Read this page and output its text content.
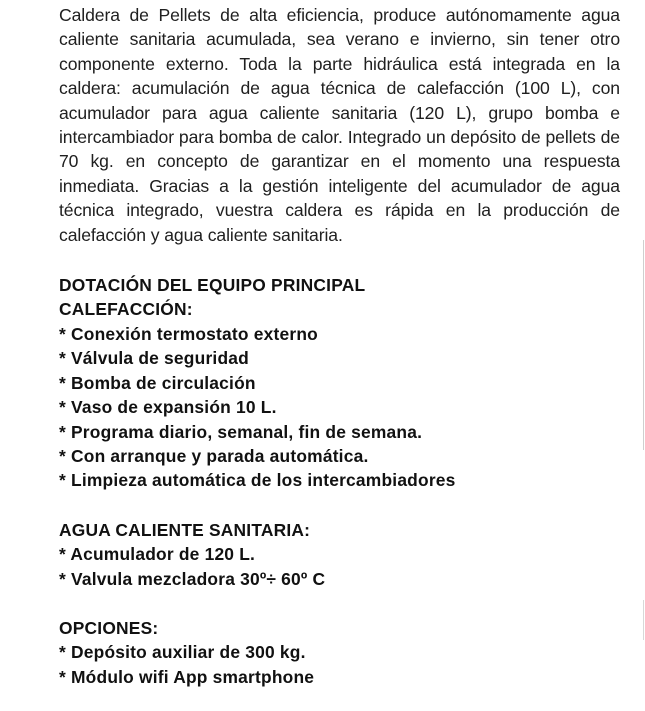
Caldera de Pellets de alta eficiencia, produce autónomamente agua caliente sanitaria acumulada, sea verano e invierno, sin tener otro componente externo. Toda la parte hidráulica está integrada en la caldera: acumulación de agua técnica de calefacción (100 L), con acumulador para agua caliente sanitaria (120 L), grupo bomba e intercambiador para bomba de calor. Integrado un depósito de pellets de 70 kg. en concepto de garantizar en el momento una respuesta inmediata. Gracias a la gestión inteligente del acumulador de agua técnica integrado, vuestra caldera es rápida en la producción de calefacción y agua caliente sanitaria.

DOTACIÓN DEL EQUIPO PRINCIPAL
CALEFACCIÓN:
* Conexión termostato externo
* Válvula de seguridad
* Bomba de circulación
* Vaso de expansión 10 L.
* Programa diario, semanal, fin de semana.
* Con arranque y parada automática.
* Limpieza automática de los intercambiadores
AGUA CALIENTE SANITARIA:
* Acumulador de 120 L.
* Valvula mezcladora 30º÷ 60º C
OPCIONES:
* Depósito auxiliar de 300 kg.
* Módulo wifi App smartphone
